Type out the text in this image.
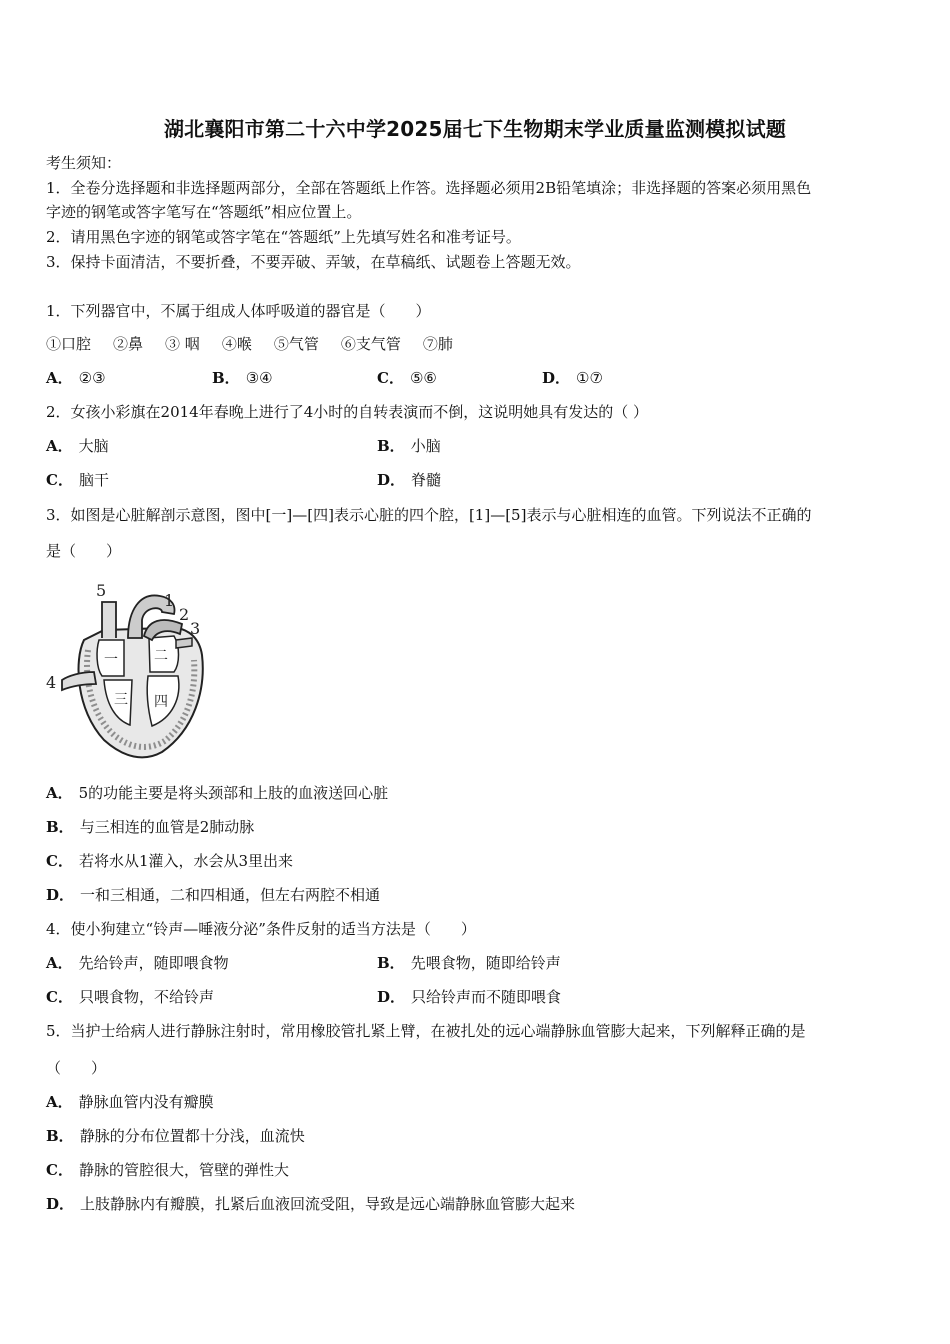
湖北襄阳市第二十六中学2025届七下生物期末学业质量监测模拟试题
考生须知：
1．全卷分选择题和非选择题两部分，全部在答题纸上作答。选择题必须用2B铅笔填涂；非选择题的答案必须用黑色
字迹的钢笔或答字笔写在“答题纸”相应位置上。
2．请用黑色字迹的钢笔或答字笔在“答题纸”上先填写姓名和准考证号。
3．保持卡面清洁，不要折叠，不要弄破、弄皱，在草稿纸、试题卷上答题无效。
1．下列器官中，不属于组成人体呼吸道的器官是（　　）
①口腔 ②鼻 ③ 咽 ④喉 ⑤气管 ⑥支气管 ⑦肺
A． ②③	B． ③④	C． ⑤⑥	D． ①⑦
2．女孩小彩旗在2014年春晚上进行了4小时的自转表演而不倒，这说明她具有发达的（ ）
A． 大脑	B． 小脑
C． 脑干	D． 脊髓
3．如图是心脏解剖示意图，图中[一]—[四]表示心脏的四个腔，[1]—[5]表示与心脏相连的血管。下列说法不正确的
是（　　）
1
2
3
4
5
一	二
三 四
A． 5的功能主要是将头颈部和上肢的血液送回心脏
B． 与三相连的血管是2肺动脉
C． 若将水从1灌入，水会从3里出来
D． 一和三相通，二和四相通，但左右两腔不相通
4．使小狗建立“铃声—唾液分泌”条件反射的适当方法是（　　）
A． 先给铃声，随即喂食物	B． 先喂食物，随即给铃声
C． 只喂食物，不给铃声	D． 只给铃声而不随即喂食
5．当护士给病人进行静脉注射时，常用橡胶管扎紧上臂，在被扎处的远心端静脉血管膨大起来，下列解释正确的是
（　　）
A． 静脉血管内没有瓣膜
B． 静脉的分布位置都十分浅，血流快
C． 静脉的管腔很大，管壁的弹性大
D． 上肢静脉内有瓣膜，扎紧后血液回流受阻，导致是远心端静脉血管膨大起来
